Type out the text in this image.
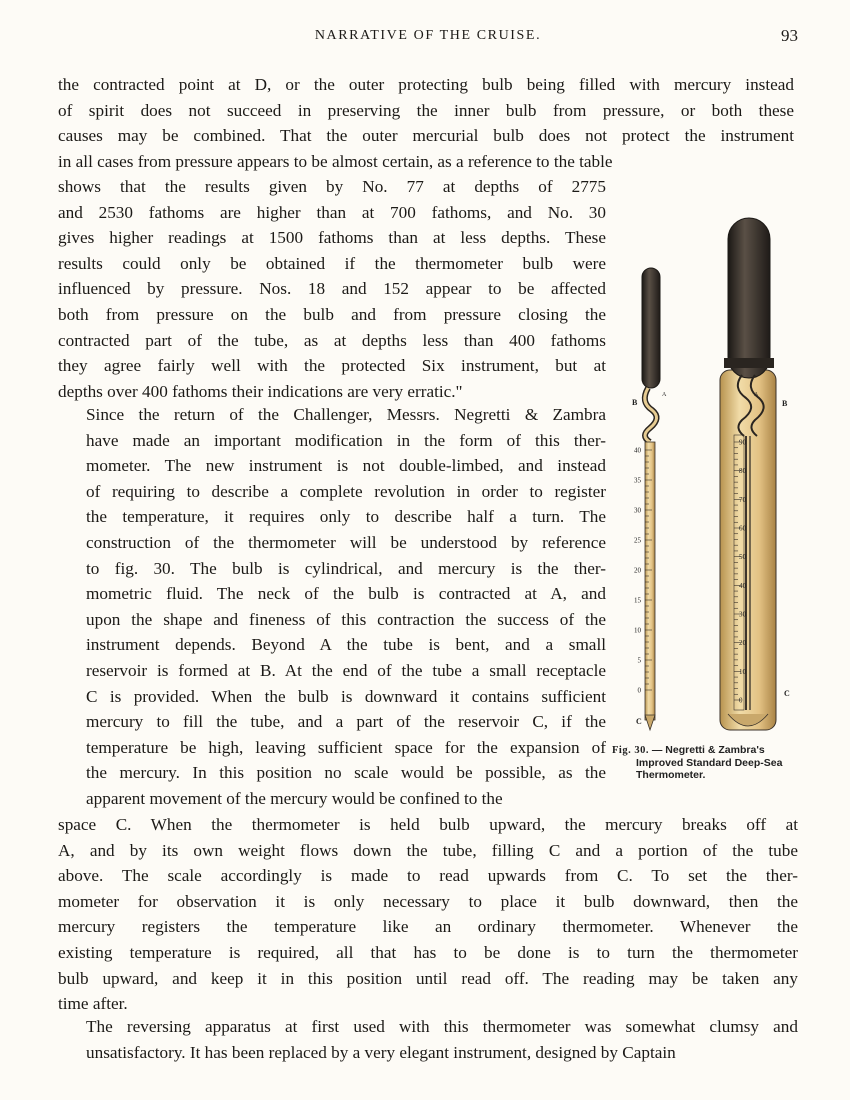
NARRATIVE OF THE CRUISE.	93
the contracted point at D, or the outer protecting bulb being filled with mercury instead
of spirit does not succeed in preserving the inner bulb from pressure, or both these
causes may be combined. That the outer mercurial bulb does not protect the instrument
in all cases from pressure appears to be almost certain, as a reference to the table
shows that the results given by No. 77 at depths of 2775
and 2530 fathoms are higher than at 700 fathoms, and No. 30
gives higher readings at 1500 fathoms than at less depths. These
results could only be obtained if the thermometer bulb were
influenced by pressure. Nos. 18 and 152 appear to be affected
both from pressure on the bulb and from pressure closing the
contracted part of the tube, as at depths less than 400 fathoms
they agree fairly well with the protected Six instrument, but at
depths over 400 fathoms their indications are very erratic."
Since the return of the Challenger, Messrs. Negretti & Zambra
have made an important modification in the form of this ther-
mometer. The new instrument is not double-limbed, and instead
of requiring to describe a complete revolution in order to register
the temperature, it requires only to describe half a turn. The
construction of the thermometer will be understood by reference
to fig. 30. The bulb is cylindrical, and mercury is the ther-
mometric fluid. The neck of the bulb is contracted at A, and
upon the shape and fineness of this contraction the success of the
instrument depends. Beyond A the tube is bent, and a small
reservoir is formed at B. At the end of the tube a small receptacle
C is provided. When the bulb is downward it contains sufficient
mercury to fill the tube, and a part of the reservoir C, if the
temperature be high, leaving sufficient space for the expansion of
the mercury. In this position no scale would be possible, as the
apparent movement of the mercury would be confined to the
space C. When the thermometer is held bulb upward, the mercury breaks off at
A, and by its own weight flows down the tube, filling C and a portion of the tube
above. The scale accordingly is made to read upwards from C. To set the ther-
mometer for observation it is only necessary to place it bulb downward, then the
mercury registers the temperature like an ordinary thermometer. Whenever the
existing temperature is required, all that has to be done is to turn the thermometer
bulb upward, and keep it in this position until read off. The reading may be taken any
time after.
The reversing apparatus at first used with this thermometer was somewhat clumsy and
unsatisfactory. It has been replaced by a very elegant instrument, designed by Captain
40
35
30
25
20
15
10
5
0
B
A
C
90
80
70
60
50
40
30
20
10
0
A
B
C
Fig. 30. — Negretti & Zambra's
Improved Standard Deep-Sea
Thermometer.
